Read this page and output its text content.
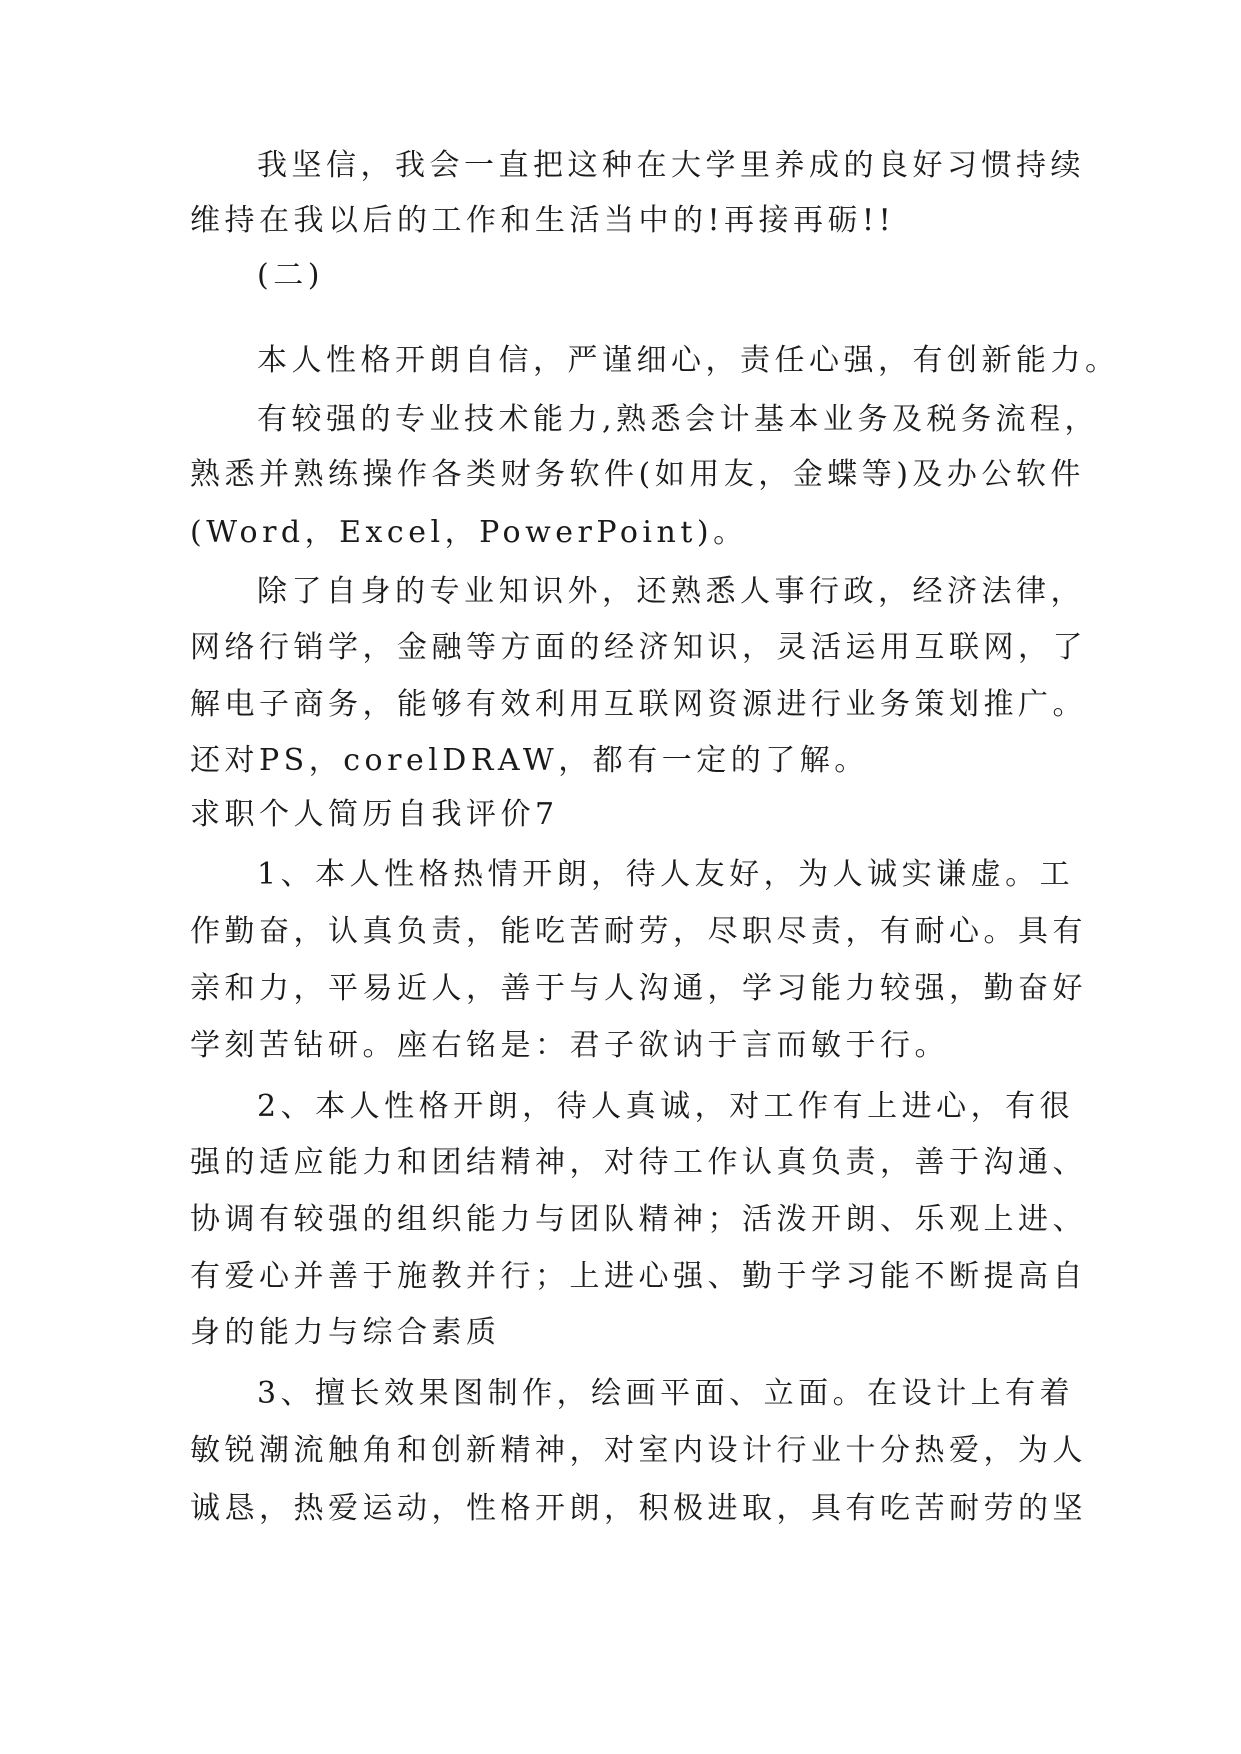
我坚信，我会一直把这种在大学里养成的良好习惯持续
维持在我以后的工作和生活当中的!再接再砺!!
(二)
本人性格开朗自信，严谨细心，责任心强，有创新能力。
有较强的专业技术能力,熟悉会计基本业务及税务流程，
熟悉并熟练操作各类财务软件(如用友，金蝶等)及办公软件
(Word，Excel，PowerPoint)。
除了自身的专业知识外，还熟悉人事行政，经济法律，
网络行销学，金融等方面的经济知识，灵活运用互联网，了
解电子商务，能够有效利用互联网资源进行业务策划推广。
还对PS，corelDRAW，都有一定的了解。
求职个人简历自我评价7
1、本人性格热情开朗，待人友好，为人诚实谦虚。工
作勤奋，认真负责，能吃苦耐劳，尽职尽责，有耐心。具有
亲和力，平易近人，善于与人沟通，学习能力较强，勤奋好
学刻苦钻研。座右铭是：君子欲讷于言而敏于行。
2、本人性格开朗，待人真诚，对工作有上进心，有很
强的适应能力和团结精神，对待工作认真负责，善于沟通、
协调有较强的组织能力与团队精神；活泼开朗、乐观上进、
有爱心并善于施教并行；上进心强、勤于学习能不断提高自
身的能力与综合素质
3、擅长效果图制作，绘画平面、立面。在设计上有着
敏锐潮流触角和创新精神，对室内设计行业十分热爱，为人
诚恳，热爱运动，性格开朗，积极进取，具有吃苦耐劳的坚
